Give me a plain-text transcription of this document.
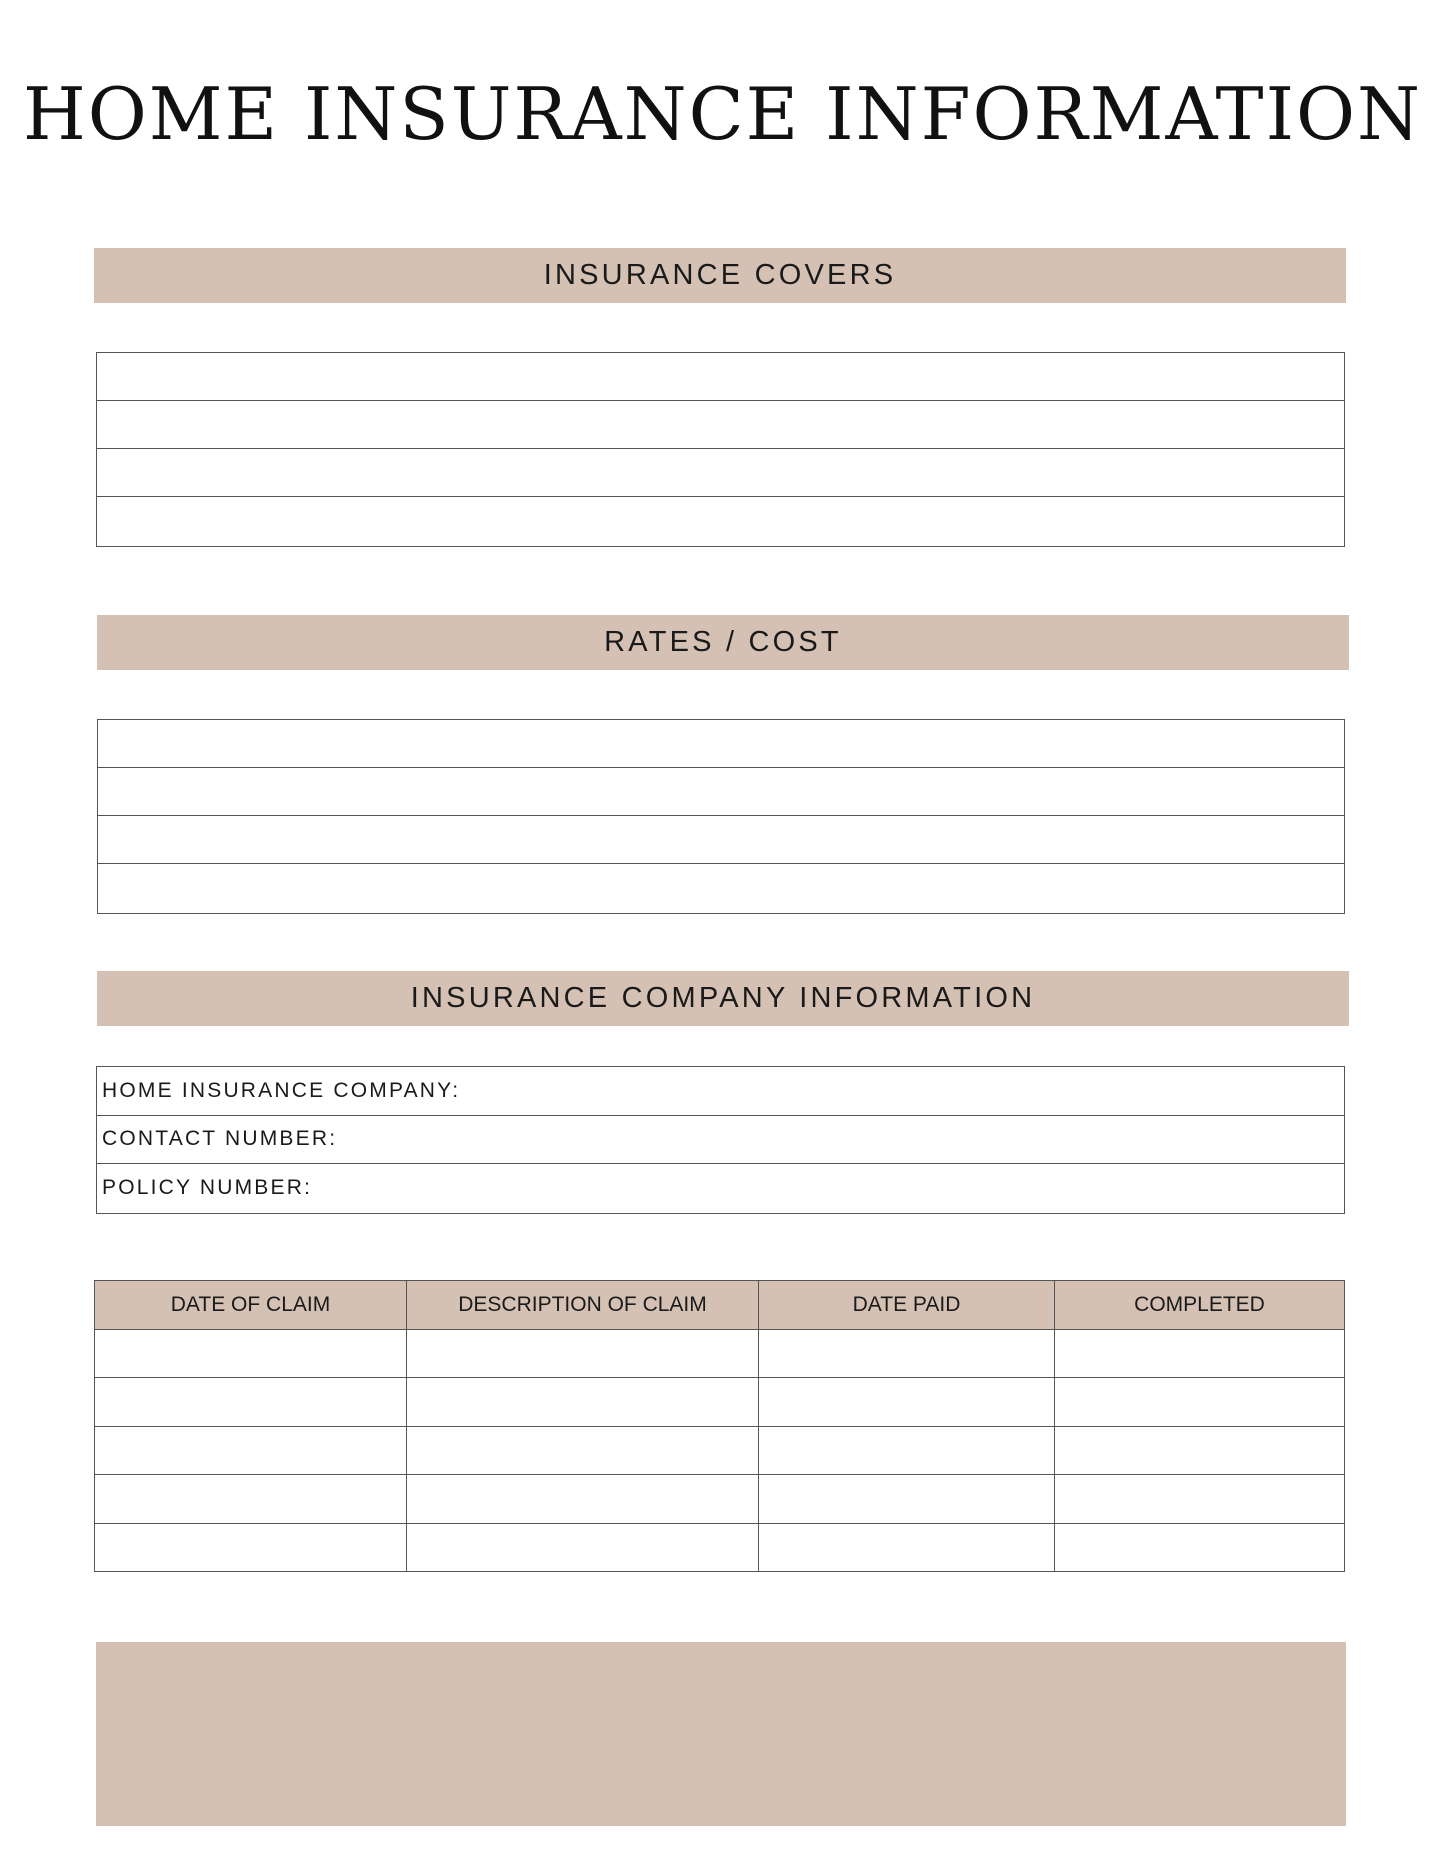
HOME INSURANCE INFORMATION
INSURANCE COVERS
RATES / COST
INSURANCE COMPANY INFORMATION
HOME INSURANCE COMPANY:
CONTACT NUMBER:
POLICY NUMBER:
DATE OF CLAIM	DESCRIPTION OF CLAIM	DATE PAID	COMPLETED
